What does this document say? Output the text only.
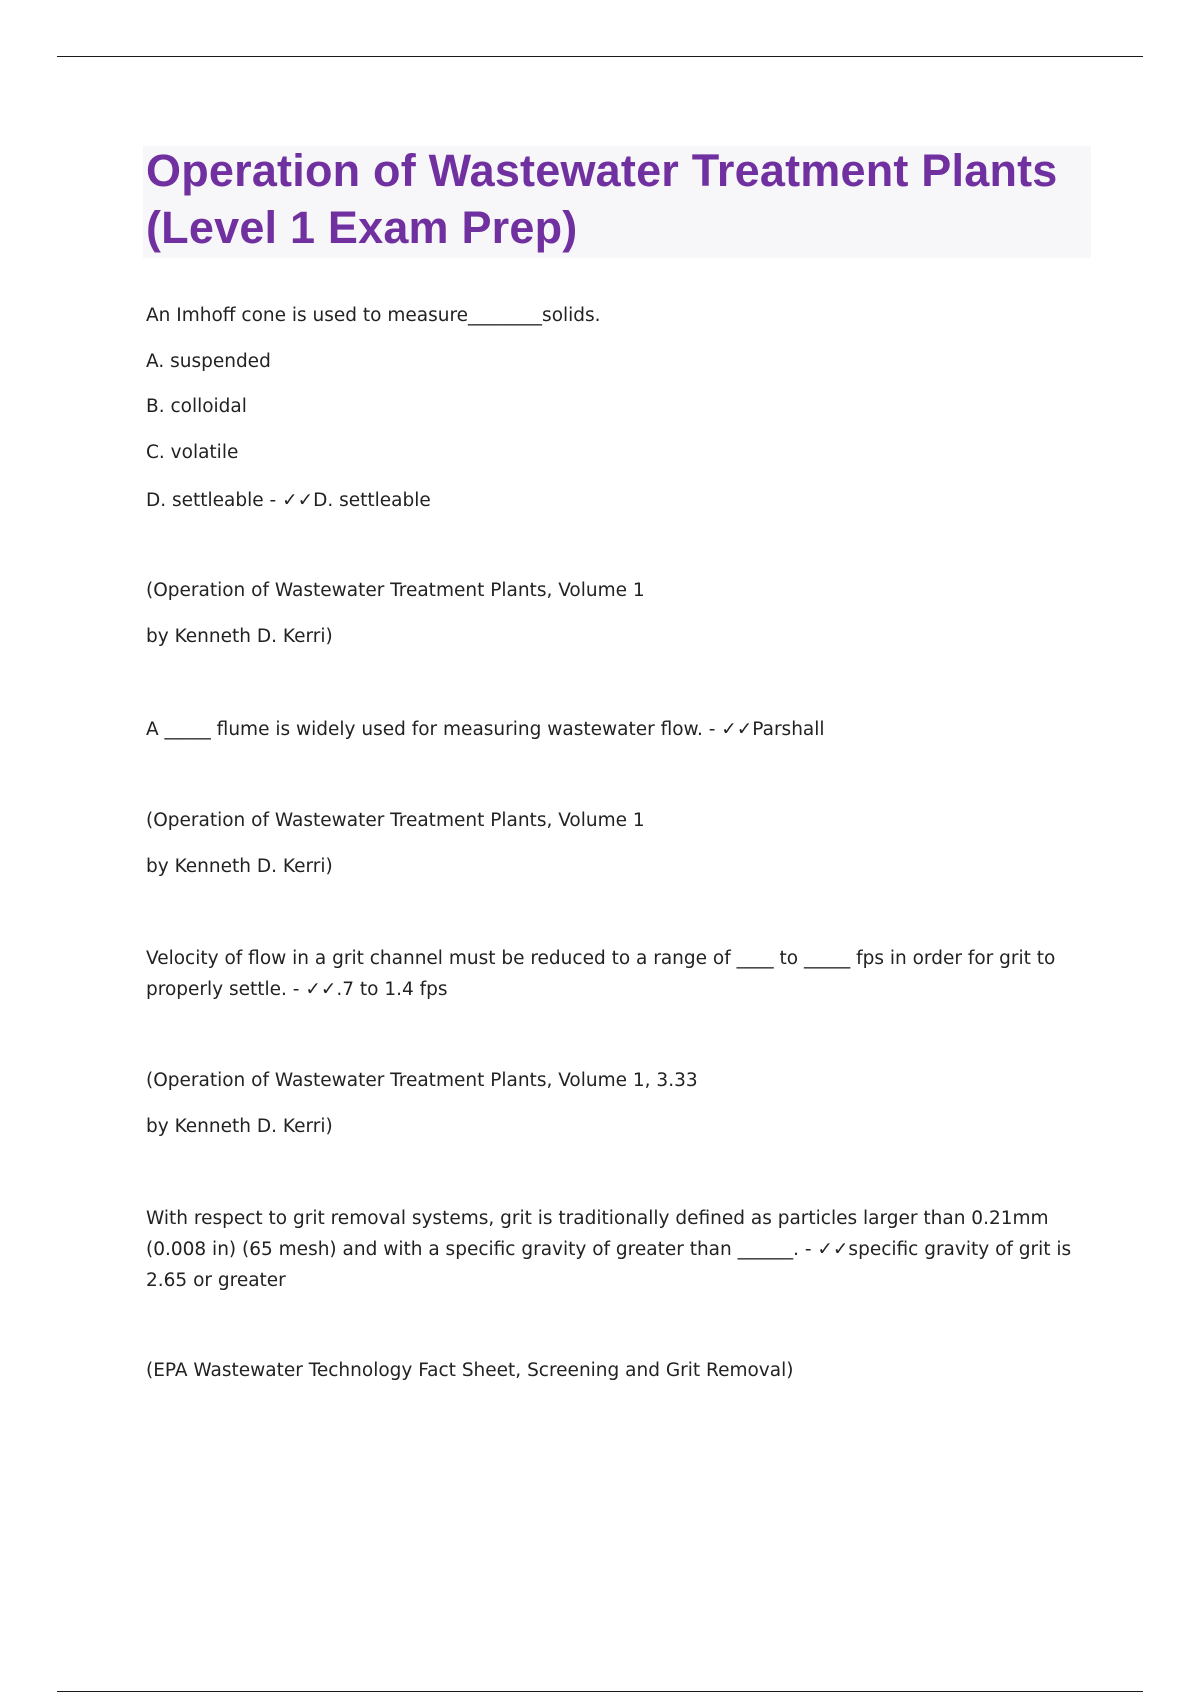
Operation of Wastewater Treatment Plants (Level 1 Exam Prep)

An Imhoff cone is used to measure________solids.

A. suspended

B. colloidal

C. volatile

D. settleable - ✓✓D. settleable

(Operation of Wastewater Treatment Plants, Volume 1

by Kenneth D. Kerri)

A _____ flume is widely used for measuring wastewater flow. - ✓✓Parshall

(Operation of Wastewater Treatment Plants, Volume 1

by Kenneth D. Kerri)

Velocity of flow in a grit channel must be reduced to a range of ____ to _____ fps in order for grit to properly settle. - ✓✓.7 to 1.4 fps

(Operation of Wastewater Treatment Plants, Volume 1, 3.33

by Kenneth D. Kerri)

With respect to grit removal systems, grit is traditionally defined as particles larger than 0.21mm (0.008 in) (65 mesh) and with a specific gravity of greater than ______. - ✓✓specific gravity of grit is 2.65 or greater

(EPA Wastewater Technology Fact Sheet, Screening and Grit Removal)
